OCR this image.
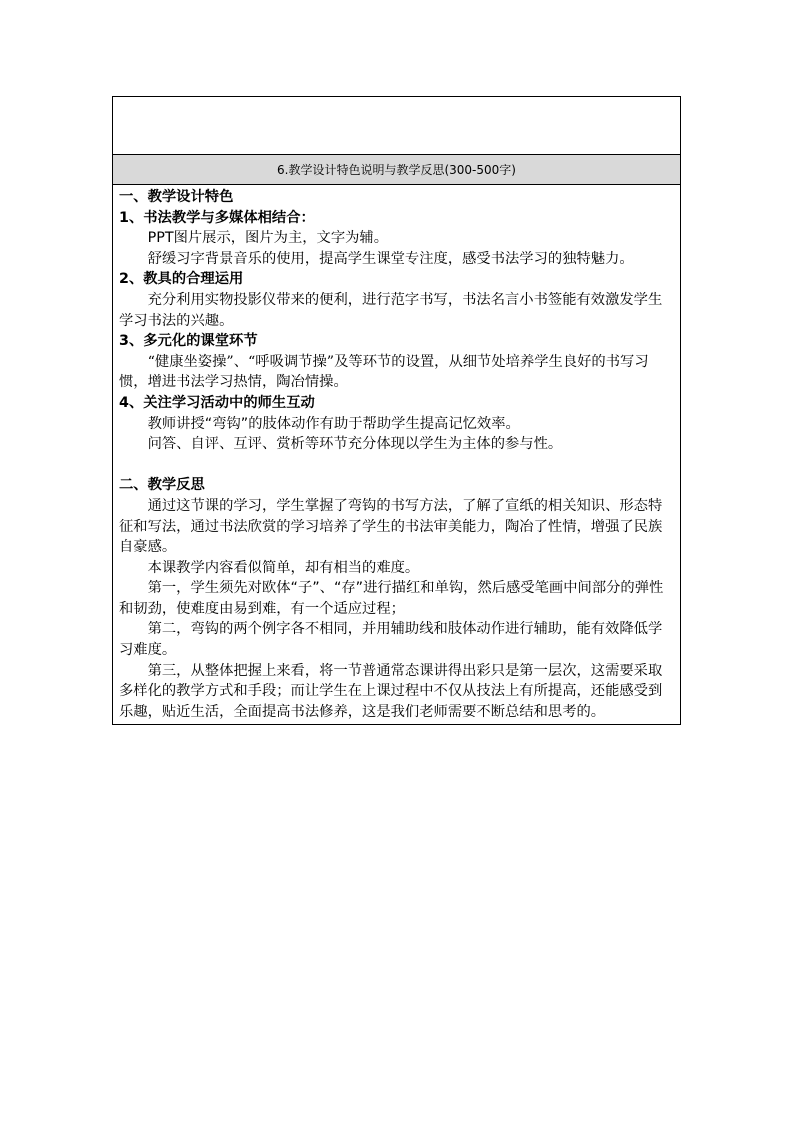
6.教学设计特色说明与教学反思(300-500字)

一、教学设计特色

1、书法教学与多媒体相结合：

PPT图片展示，图片为主，文字为辅。

舒缓习字背景音乐的使用，提高学生课堂专注度，感受书法学习的独特魅力。

2、教具的合理运用

充分利用实物投影仪带来的便利，进行范字书写，书法名言小书签能有效激发学生学习书法的兴趣。

3、多元化的课堂环节

“健康坐姿操”、“呼吸调节操”及等环节的设置，从细节处培养学生良好的书写习惯，增进书法学习热情，陶冶情操。

4、关注学习活动中的师生互动

教师讲授“弯钩”的肢体动作有助于帮助学生提高记忆效率。

问答、自评、互评、赏析等环节充分体现以学生为主体的参与性。

二、教学反思

通过这节课的学习，学生掌握了弯钩的书写方法，了解了宣纸的相关知识、形态特征和写法，通过书法欣赏的学习培养了学生的书法审美能力，陶冶了性情，增强了民族自豪感。

本课教学内容看似简单，却有相当的难度。

第一，学生须先对欧体“子”、“存”进行描红和单钩，然后感受笔画中间部分的弹性和韧劲，使难度由易到难，有一个适应过程；

第二，弯钩的两个例字各不相同，并用辅助线和肢体动作进行辅助，能有效降低学习难度。

第三，从整体把握上来看，将一节普通常态课讲得出彩只是第一层次，这需要采取多样化的教学方式和手段；而让学生在上课过程中不仅从技法上有所提高，还能感受到乐趣，贴近生活，全面提高书法修养，这是我们老师需要不断总结和思考的。
